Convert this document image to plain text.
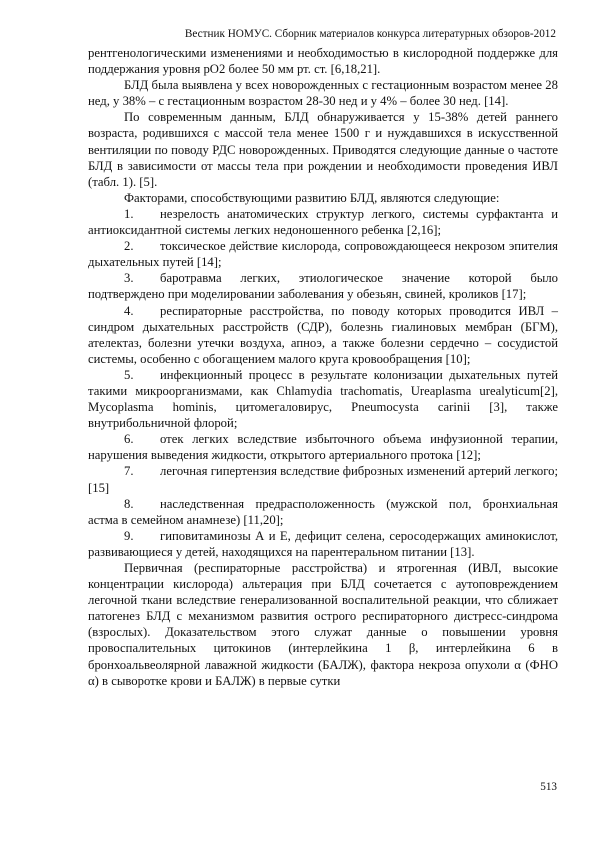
Вестник НОМУС. Сборник материалов конкурса литературных обзоров-2012

рентгенологическими изменениями и необходимостью в кислородной поддержке для поддержания уровня рО2 более 50 мм рт. ст. [6,18,21].

БЛД была выявлена у всех новорожденных с гестационным возрастом менее 28 нед, у 38% – с гестационным возрастом 28-30 нед и у 4% – более 30 нед. [14].

По современным данным, БЛД обнаруживается у 15-38% детей раннего возраста, родившихся с массой тела менее 1500 г и нуждавшихся в искусственной вентиляции по поводу РДС новорожденных. Приводятся следующие данные о частоте БЛД в зависимости от массы тела при рождении и необходимости проведения ИВЛ (табл. 1). [5].

Факторами, способствующими развитию БЛД, являются следующие:

1. незрелость анатомических структур легкого, системы сурфактанта и антиоксидантной системы легких недоношенного ребенка [2,16];

2. токсическое действие кислорода, сопровождающееся некрозом эпителия дыхательных путей [14];

3. баротравма легких, этиологическое значение которой было подтверждено при моделировании заболевания у обезьян, свиней, кроликов [17];

4. респираторные расстройства, по поводу которых проводится ИВЛ – синдром дыхательных расстройств (СДР), болезнь гиалиновых мембран (БГМ), ателектаз, болезни утечки воздуха, апноэ, а также болезни сердечно – сосудистой системы, особенно с обогащением малого круга кровообращения [10];

5. инфекционный процесс в результате колонизации дыхательных путей такими микроорганизмами, как Chlamydia trachomatis, Ureaplasma urealyticum[2], Mycoplasma hominis, цитомегаловирус, Pneumocysta carinii [3], также внутрибольничной флорой;

6. отек легких вследствие избыточного объема инфузионной терапии, нарушения выведения жидкости, открытого артериального протока [12];

7. легочная гипертензия вследствие фиброзных изменений артерий легкого; [15]

8. наследственная предрасположенность (мужской пол, бронхиальная астма в семейном анамнезе) [11,20];

9. гиповитаминозы А и Е, дефицит селена, серосодержащих аминокислот, развивающиеся у детей, находящихся на парентеральном питании [13].

Первичная (респираторные расстройства) и ятрогенная (ИВЛ, высокие концентрации кислорода) альтерация при БЛД сочетается с аутоповреждением легочной ткани вследствие генерализованной воспалительной реакции, что сближает патогенез БЛД с механизмом развития острого респираторного дистресс-синдрома (взрослых). Доказательством этого служат данные о повышении уровня провоспалительных цитокинов (интерлейкина 1 β, интерлейкина 6 в бронхоальвеолярной лаважной жидкости (БАЛЖ), фактора некроза опухоли α (ФНО α) в сыворотке крови и БАЛЖ) в первые сутки

513
